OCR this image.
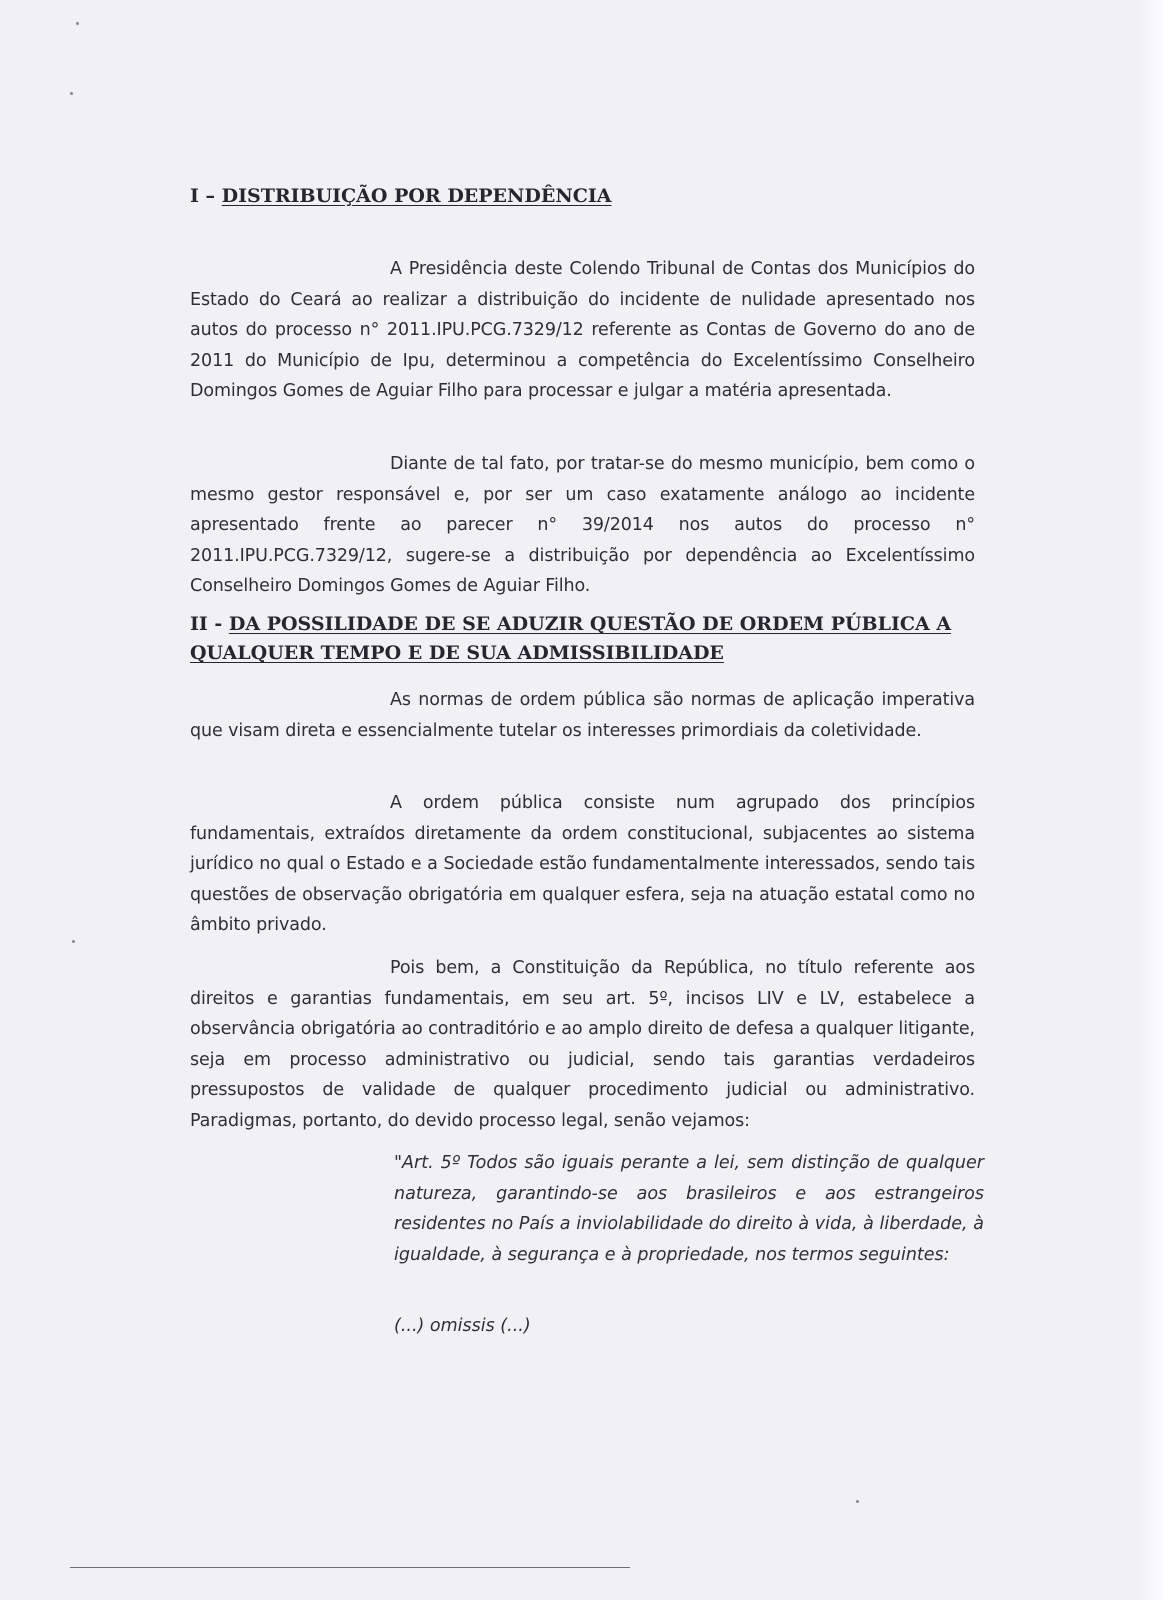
I – DISTRIBUIÇÃO POR DEPENDÊNCIA

A Presidência deste Colendo Tribunal de Contas dos Municípios do Estado do Ceará ao realizar a distribuição do incidente de nulidade apresentado nos autos do processo n° 2011.IPU.PCG.7329/12 referente as Contas de Governo do ano de 2011 do Município de Ipu, determinou a competência do Excelentíssimo Conselheiro Domingos Gomes de Aguiar Filho para processar e julgar a matéria apresentada.

Diante de tal fato, por tratar-se do mesmo município, bem como o mesmo gestor responsável e, por ser um caso exatamente análogo ao incidente apresentado frente ao parecer n° 39/2014 nos autos do processo n° 2011.IPU.PCG.7329/12, sugere-se a distribuição por dependência ao Excelentíssimo Conselheiro Domingos Gomes de Aguiar Filho.

II - DA POSSILIDADE DE SE ADUZIR QUESTÃO DE ORDEM PÚBLICA A QUALQUER TEMPO E DE SUA ADMISSIBILIDADE

As normas de ordem pública são normas de aplicação imperativa que visam direta e essencialmente tutelar os interesses primordiais da coletividade.

A ordem pública consiste num agrupado dos princípios fundamentais, extraídos diretamente da ordem constitucional, subjacentes ao sistema jurídico no qual o Estado e a Sociedade estão fundamentalmente interessados, sendo tais questões de observação obrigatória em qualquer esfera, seja na atuação estatal como no âmbito privado.

Pois bem, a Constituição da República, no título referente aos direitos e garantias fundamentais, em seu art. 5º, incisos LIV e LV, estabelece a observância obrigatória ao contraditório e ao amplo direito de defesa a qualquer litigante, seja em processo administrativo ou judicial, sendo tais garantias verdadeiros pressupostos de validade de qualquer procedimento judicial ou administrativo. Paradigmas, portanto, do devido processo legal, senão vejamos:

"Art. 5º Todos são iguais perante a lei, sem distinção de qualquer natureza, garantindo-se aos brasileiros e aos estrangeiros residentes no País a inviolabilidade do direito à vida, à liberdade, à igualdade, à segurança e à propriedade, nos termos seguintes:

(...) omissis (...)
